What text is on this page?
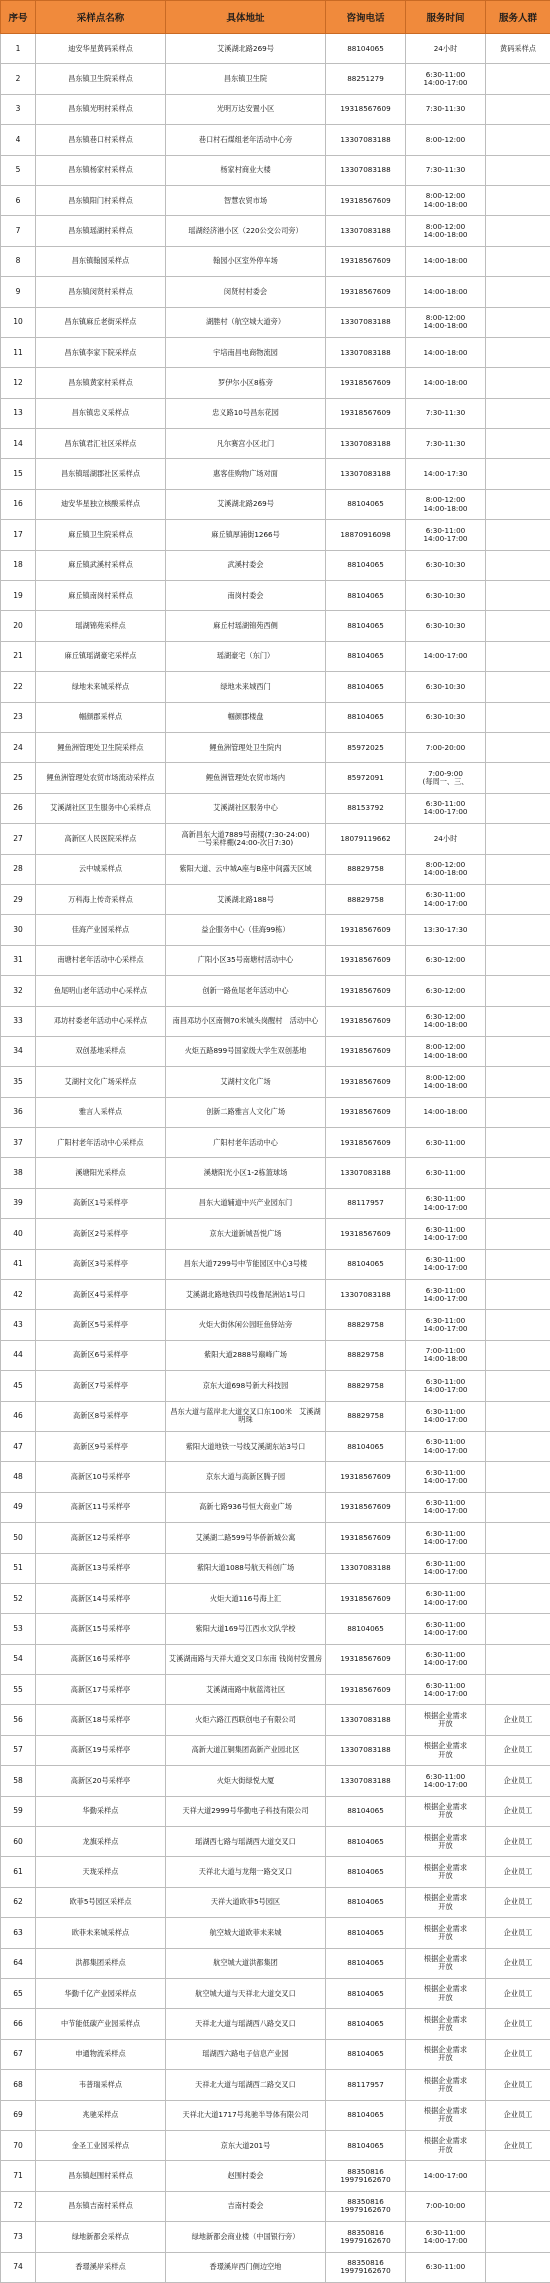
序号	采样点名称	具体地址	咨询电话	服务时间	服务人群
1	迪安华星黄码采样点	艾溪湖北路269号	88104065	24小时	黄码采样点
2	昌东镇卫生院采样点	昌东镇卫生院	88251279	6:30-11:00
14:00-17:00	
3	昌东镇光明村采样点	光明万达安置小区	19318567609	7:30-11:30	
4	昌东镇巷口村采样点	巷口村石煤组老年活动中心旁	13307083188	8:00-12:00	
5	昌东镇杨家村采样点	杨家村商业大楼	13307083188	7:30-11:30	
6	昌东镇阳门村采样点	智慧农贸市场	19318567609	8:00-12:00
14:00-18:00	
7	昌东镇瑶湖村采样点	瑶湖经济港小区（220公交公司旁）	13307083188	8:00-12:00
14:00-18:00	
8	昌东镇翰园采样点	翰园小区室外停车场	19318567609	14:00-18:00	
9	昌东镇闵贤村采样点	闵贤村村委会	19318567609	14:00-18:00	
10	昌东镇麻丘老街采样点	湖塍村（航空城大道旁）	13307083188	8:00-12:00
14:00-18:00	
11	昌东镇李家下院采样点	宇培南昌电商物流园	13307083188	14:00-18:00	
12	昌东镇黄家村采样点	罗伊尔小区8栋旁	19318567609	14:00-18:00	
13	昌东镇忠义采样点	忠义路10号昌东花园	19318567609	7:30-11:30	
14	昌东镇君汇社区采样点	凡尔赛宫小区北门	13307083188	7:30-11:30	
15	昌东镇瑶湖郡社区采样点	惠客佳购物广场对面	13307083188	14:00-17:30	
16	迪安华星独立核酸采样点	艾溪湖北路269号	88104065	8:00-12:00
14:00-18:00	
17	麻丘镇卫生院采样点	麻丘镇厚浦街1266号	18870916098	6:30-11:00
14:00-17:00	
18	麻丘镇武溪村采样点	武溪村委会	88104065	6:30-10:30	
19	麻丘镇南岗村采样点	南岗村委会	88104065	6:30-10:30	
20	瑶湖锦苑采样点	麻丘村瑶湖锦苑西侧	88104065	6:30-10:30	
21	麻丘镇瑶湖豪宅采样点	瑶湖豪宅（东门）	88104065	14:00-17:00	
22	绿地未来城采样点	绿地未来城西门	88104065	6:30-10:30	
23	帼颜郡采样点	帼颜郡楼盘	88104065	6:30-10:30	
24	鲤鱼洲管理处卫生院采样点	鲤鱼洲管理处卫生院内	85972025	7:00-20:00	
25	鲤鱼洲管理处农贸市场流动采样点	鲤鱼洲管理处农贸市场内	85972091	7:00-9:00
(每周一、三、	
26	艾溪湖社区卫生服务中心采样点	艾溪湖社区服务中心	88153792	6:30-11:00
14:00-17:00	
27	高新区人民医院采样点	高新昌东大道7889号南楼(7:30-24:00)
一号采样棚(24:00-次日7:30)	18079119662	24小时	
28	云中城采样点	紫阳大道、云中城A座与B座中间露天区域	88829758	8:00-12:00
14:00-18:00	
29	万科海上传奇采样点	艾溪湖北路188号	88829758	6:30-11:00
14:00-17:00	
30	佳海产业园采样点	益企服务中心（佳海99栋）	19318567609	13:30-17:30	
31	南塘村老年活动中心采样点	广阳小区35号南塘村活动中心	19318567609	6:30-12:00	
32	鱼尾明山老年活动中心采样点	创新一路鱼尾老年活动中心	19318567609	6:30-12:00	
33	邓坊村委老年活动中心采样点	南昌邓坊小区南侧70米城头岗醒村　活动中心	19318567609	6:30-12:00
14:00-18:00	
34	双创基地采样点	火炬五路899号国家级大学生双创基地	19318567609	8:00-12:00
14:00-18:00	
35	艾湖村文化广场采样点	艾湖村文化广场	19318567609	8:00-12:00
14:00-18:00	
36	雅言人采样点	创新二路雅言人文化广场	19318567609	14:00-18:00	
37	广阳村老年活动中心采样点	广阳村老年活动中心	19318567609	6:30-11:00	
38	溪塘阳光采样点	溪塘阳光小区1-2栋篮球场	13307083188	6:30-11:00	
39	高新区1号采样亭	昌东大道辅道中兴产业园东门	88117957	6:30-11:00
14:00-17:00	
40	高新区2号采样亭	京东大道新城吾悦广场	19318567609	6:30-11:00
14:00-17:00	
41	高新区3号采样亭	昌东大道7299号中节能园区中心3号楼	88104065	6:30-11:00
14:00-17:00	
42	高新区4号采样亭	艾溪湖北路地铁四号线鲁尾洲站1号口	13307083188	6:30-11:00
14:00-17:00	
43	高新区5号采样亭	火炬大街休闲公园旺鱼驿站旁	88829758	6:30-11:00
14:00-17:00	
44	高新区6号采样亭	紫阳大道2888号巅峰广场	88829758	7:00-11:00
14:00-18:00	
45	高新区7号采样亭	京东大道698号新大科技园	88829758	6:30-11:00
14:00-17:00	
46	高新区8号采样亭	昌东大道与蓝岸北大道交叉口东100米　艾溪湖明珠	88829758	6:30-11:00
14:00-17:00	
47	高新区9号采样亭	紫阳大道地铁一号线艾溪湖东站3号口	88104065	6:30-11:00
14:00-17:00	
48	高新区10号采样亭	京东大道与高新区腾子园	19318567609	6:30-11:00
14:00-17:00	
49	高新区11号采样亭	高新七路936号恒大商业广场	19318567609	6:30-11:00
14:00-17:00	
50	高新区12号采样亭	艾溪湖二路599号华侨新城公寓	19318567609	6:30-11:00
14:00-17:00	
51	高新区13号采样亭	紫阳大道1088号航天科创广场	13307083188	6:30-11:00
14:00-17:00	
52	高新区14号采样亭	火炬大道116号海上汇	19318567609	6:30-11:00
14:00-17:00	
53	高新区15号采样亭	紫阳大道169号江西水文队学校	88104065	6:30-11:00
14:00-17:00	
54	高新区16号采样亭	艾溪湖南路与天祥大道交叉口东南 钱岗村安置房	19318567609	6:30-11:00
14:00-17:00	
55	高新区17号采样亭	艾溪湖南路中航蓝湾社区	19318567609	6:30-11:00
14:00-17:00	
56	高新区18号采样亭	火炬六路江西联创电子有限公司	13307083188	根据企业需求
开放	企业员工
57	高新区19号采样亭	高新大道江铜集团高新产业园北区	13307083188	根据企业需求
开放	企业员工
58	高新区20号采样亭	火炬大街绿悦大厦	13307083188	6:30-11:00
14:00-17:00	企业员工
59	华勤采样点	天祥大道2999号华勤电子科技有限公司	88104065	根据企业需求
开放	企业员工
60	龙旗采样点	瑶湖西七路与瑶湖西大道交叉口	88104065	根据企业需求
开放	企业员工
61	天珑采样点	天祥北大道与龙翔一路交叉口	88104065	根据企业需求
开放	企业员工
62	欧菲5号园区采样点	天祥大道欧菲5号园区	88104065	根据企业需求
开放	企业员工
63	欧菲未来城采样点	航空城大道欧菲未来城	88104065	根据企业需求
开放	企业员工
64	洪都集团采样点	航空城大道洪都集团	88104065	根据企业需求
开放	企业员工
65	华勤千亿产业园采样点	航空城大道与天祥北大道交叉口	88104065	根据企业需求
开放	企业员工
66	中节能低碳产业园采样点	天祥北大道与瑶湖西八路交叉口	88104065	根据企业需求
开放	企业员工
67	申通物流采样点	瑶湖西六路电子信息产业园	88104065	根据企业需求
开放	企业员工
68	韦普瑞采样点	天祥北大道与瑶湖西二路交叉口	88117957	根据企业需求
开放	企业员工
69	兆驰采样点	天祥北大道1717号兆驰半导体有限公司	88104065	根据企业需求
开放	企业员工
70	金圣工业园采样点	京东大道201号	88104065	根据企业需求
开放	企业员工
71	昌东镇赵围村采样点	赵围村委会	88350816
19979162670	14:00-17:00	
72	昌东镇吉南村采样点	吉南村委会	88350816
19979162670	7:00-10:00	
73	绿地新都会采样点	绿地新都会商业楼（中国银行旁）	88350816
19979162670	6:30-11:00
14:00-17:00	
74	香璟溪岸采样点	香璟溪岸西门侧边空地	88350816
19979162670	6:30-11:00	
